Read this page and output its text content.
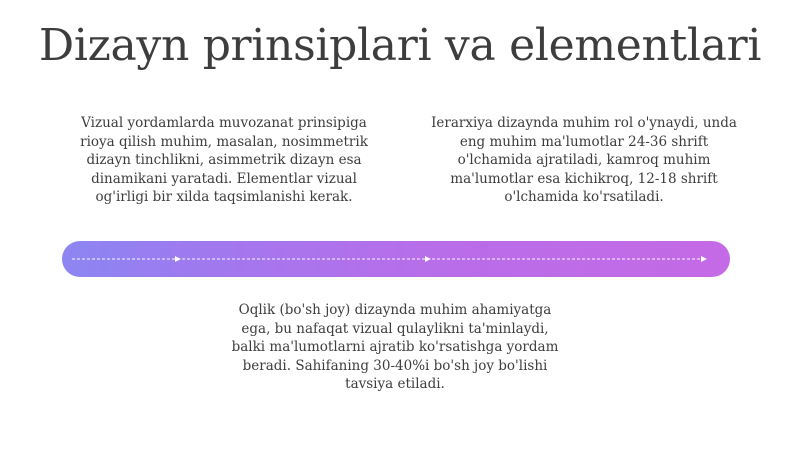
Dizayn prinsiplari va elementlari
Vizual yordamlarda muvozanat prinsipiga rioya qilish muhim, masalan, nosimmetrik dizayn tinchlikni, asimmetrik dizayn esa dinamikani yaratadi. Elementlar vizual og'irligi bir xilda taqsimlanishi kerak.
Ierarxiya dizaynda muhim rol o'ynaydi, unda eng muhim ma'lumotlar 24-36 shrift o'lchamida ajratiladi, kamroq muhim ma'lumotlar esa kichikroq, 12-18 shrift o'lchamida ko'rsatiladi.
Oqlik (bo'sh joy) dizaynda muhim ahamiyatga ega, bu nafaqat vizual qulaylikni ta'minlaydi, balki ma'lumotlarni ajratib ko'rsatishga yordam beradi. Sahifaning 30-40%i bo'sh joy bo'lishi tavsiya etiladi.
